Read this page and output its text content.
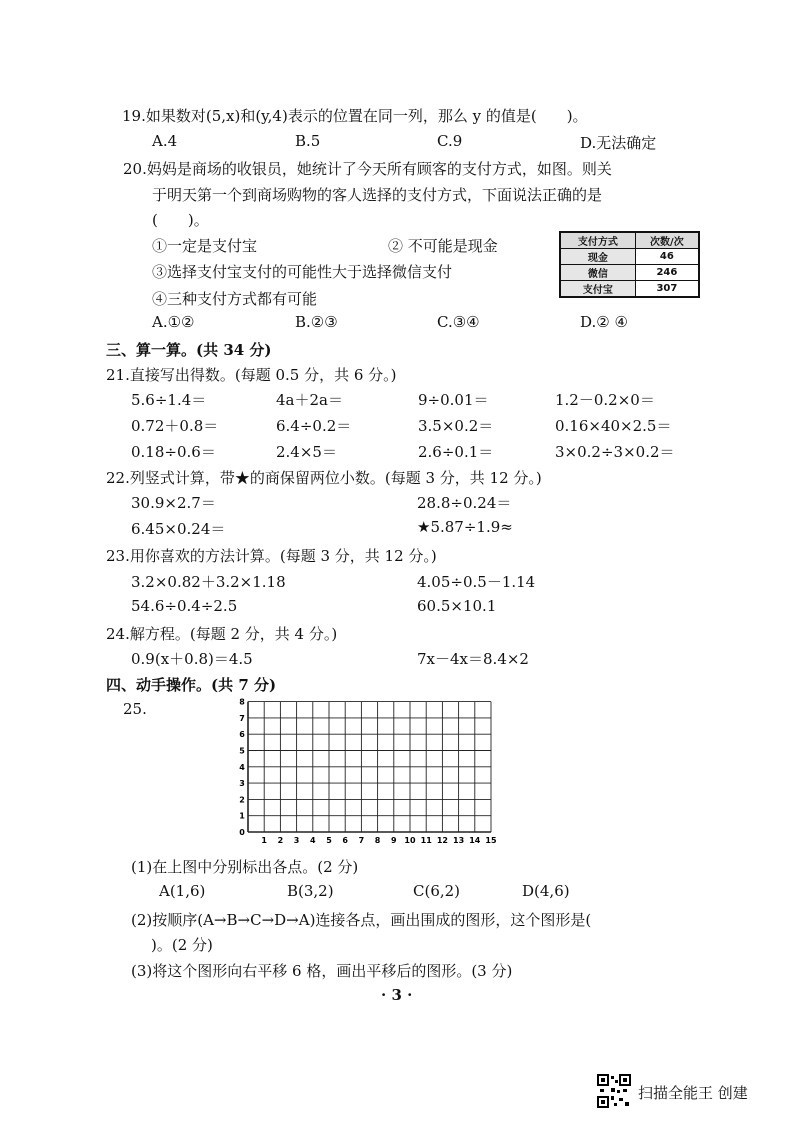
19.如果数对(5,x)和(y,4)表示的位置在同一列，那么 y 的值是(　　)。
A.4	B.5	C.9	D.无法确定
20.妈妈是商场的收银员，她统计了今天所有顾客的支付方式，如图。则关
于明天第一个到商场购物的客人选择的支付方式，下面说法正确的是
(　　)。
①一定是支付宝	② 不可能是现金
③选择支付宝支付的可能性大于选择微信支付
④三种支付方式都有可能
A.①②	B.②③	C.③④	D.② ④
支付方式	次数/次
现金	46
微信	246
支付宝	307
三、算一算。(共 34 分)
21.直接写出得数。(每题 0.5 分，共 6 分。)
5.6÷1.4＝	4a＋2a＝	9÷0.01＝	1.2－0.2×0＝
0.72＋0.8＝	6.4÷0.2＝	3.5×0.2＝	0.16×40×2.5＝
0.18÷0.6＝	2.4×5＝	2.6÷0.1＝	3×0.2÷3×0.2＝
22.列竖式计算，带★的商保留两位小数。(每题 3 分，共 12 分。)
30.9×2.7＝	28.8÷0.24＝
6.45×0.24＝	★5.87÷1.9≈
23.用你喜欢的方法计算。(每题 3 分，共 12 分。)
3.2×0.82＋3.2×1.18	4.05÷0.5－1.14
54.6÷0.4÷2.5	60.5×10.1
24.解方程。(每题 2 分，共 4 分。)
0.9(x＋0.8)＝4.5	7x－4x＝8.4×2
四、动手操作。(共 7 分)
25.
1 2 3 4 5 6 7 8 9 10 11 12 13 14 15
0
1
2
3
4
5
6
7
8
(1)在上图中分别标出各点。(2 分)
A(1,6)	B(3,2)	C(6,2)	D(4,6)
(2)按顺序(A→B→C→D→A)连接各点，画出围成的图形，这个图形是(
)。(2 分)
(3)将这个图形向右平移 6 格，画出平移后的图形。(3 分)
· 3 ·
扫描全能王 创建
